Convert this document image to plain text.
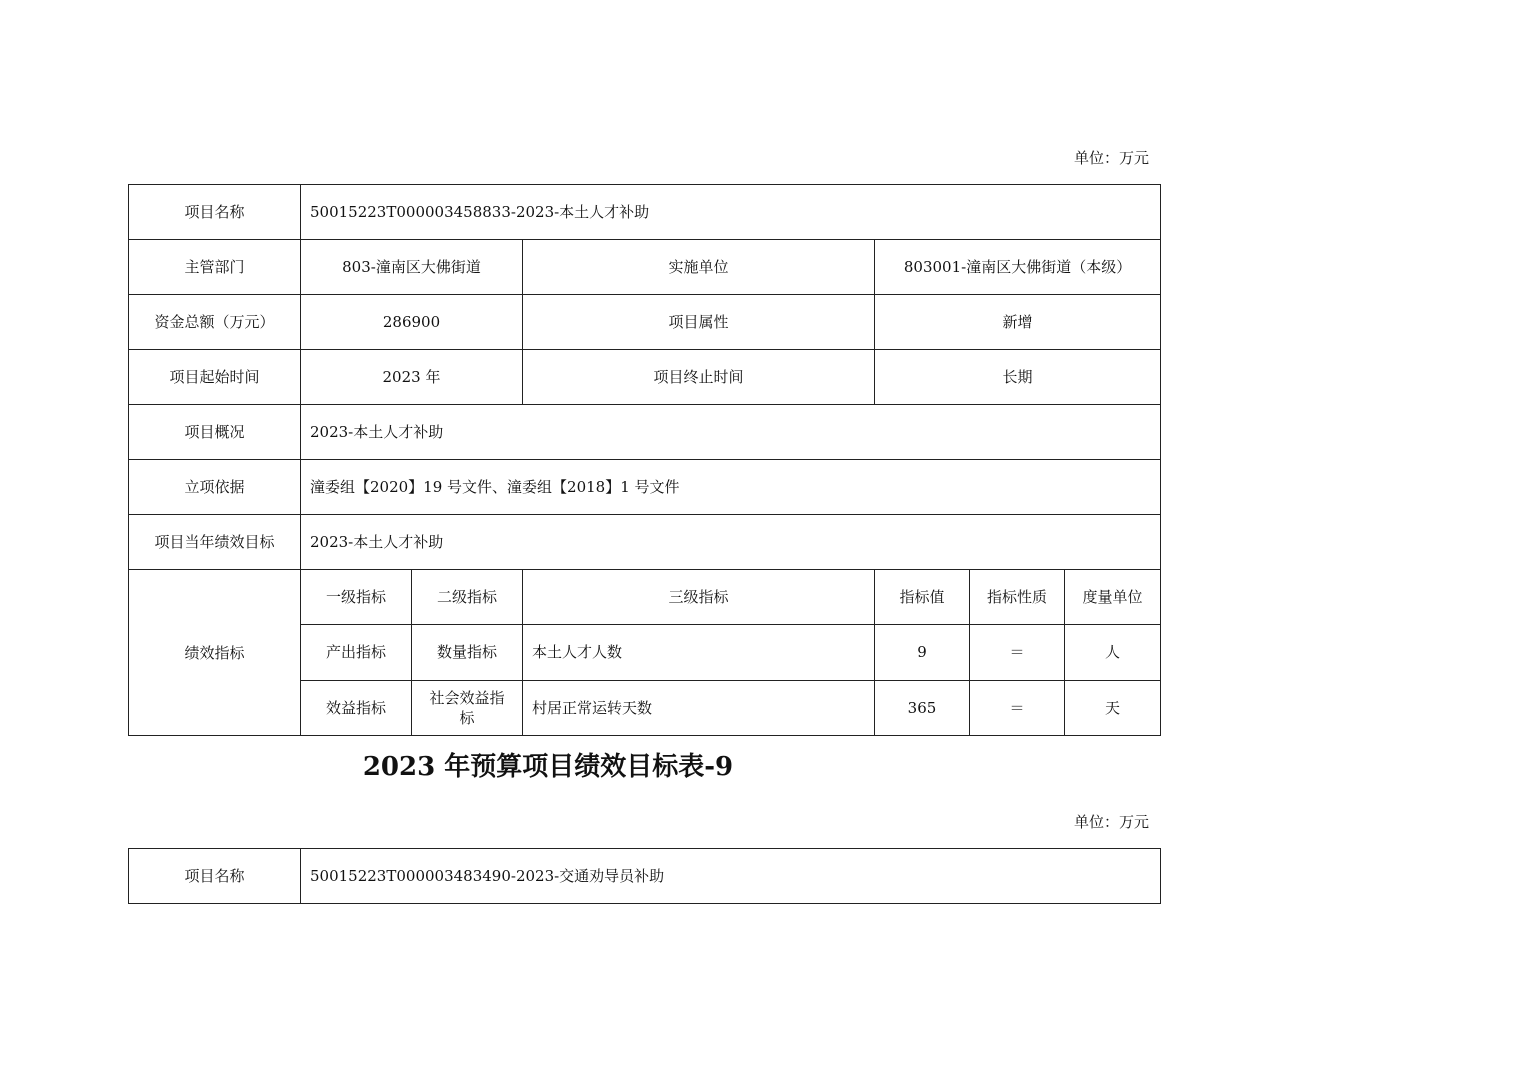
单位：万元
项目名称	50015223T000003458833-2023-本土人才补助						
主管部门	803-潼南区大佛街道		实施单位	803001-潼南区大佛街道（本级）			
资金总额（万元）	286900		项目属性	新增			
项目起始时间	2023 年		项目终止时间	长期			
项目概况	2023-本土人才补助						
立项依据	潼委组【2020】19 号文件、潼委组【2018】1 号文件						
项目当年绩效目标	2023-本土人才补助						
绩效指标	一级指标	二级指标	三级指标	指标值	指标性质	度量单位	
	产出指标	数量指标	本土人才人数	9	＝	人	
	效益指标	社会效益指标	村居正常运转天数	365	＝	天	
2023 年预算项目绩效目标表-9
单位：万元
项目名称	50015223T000003483490-2023-交通劝导员补助
